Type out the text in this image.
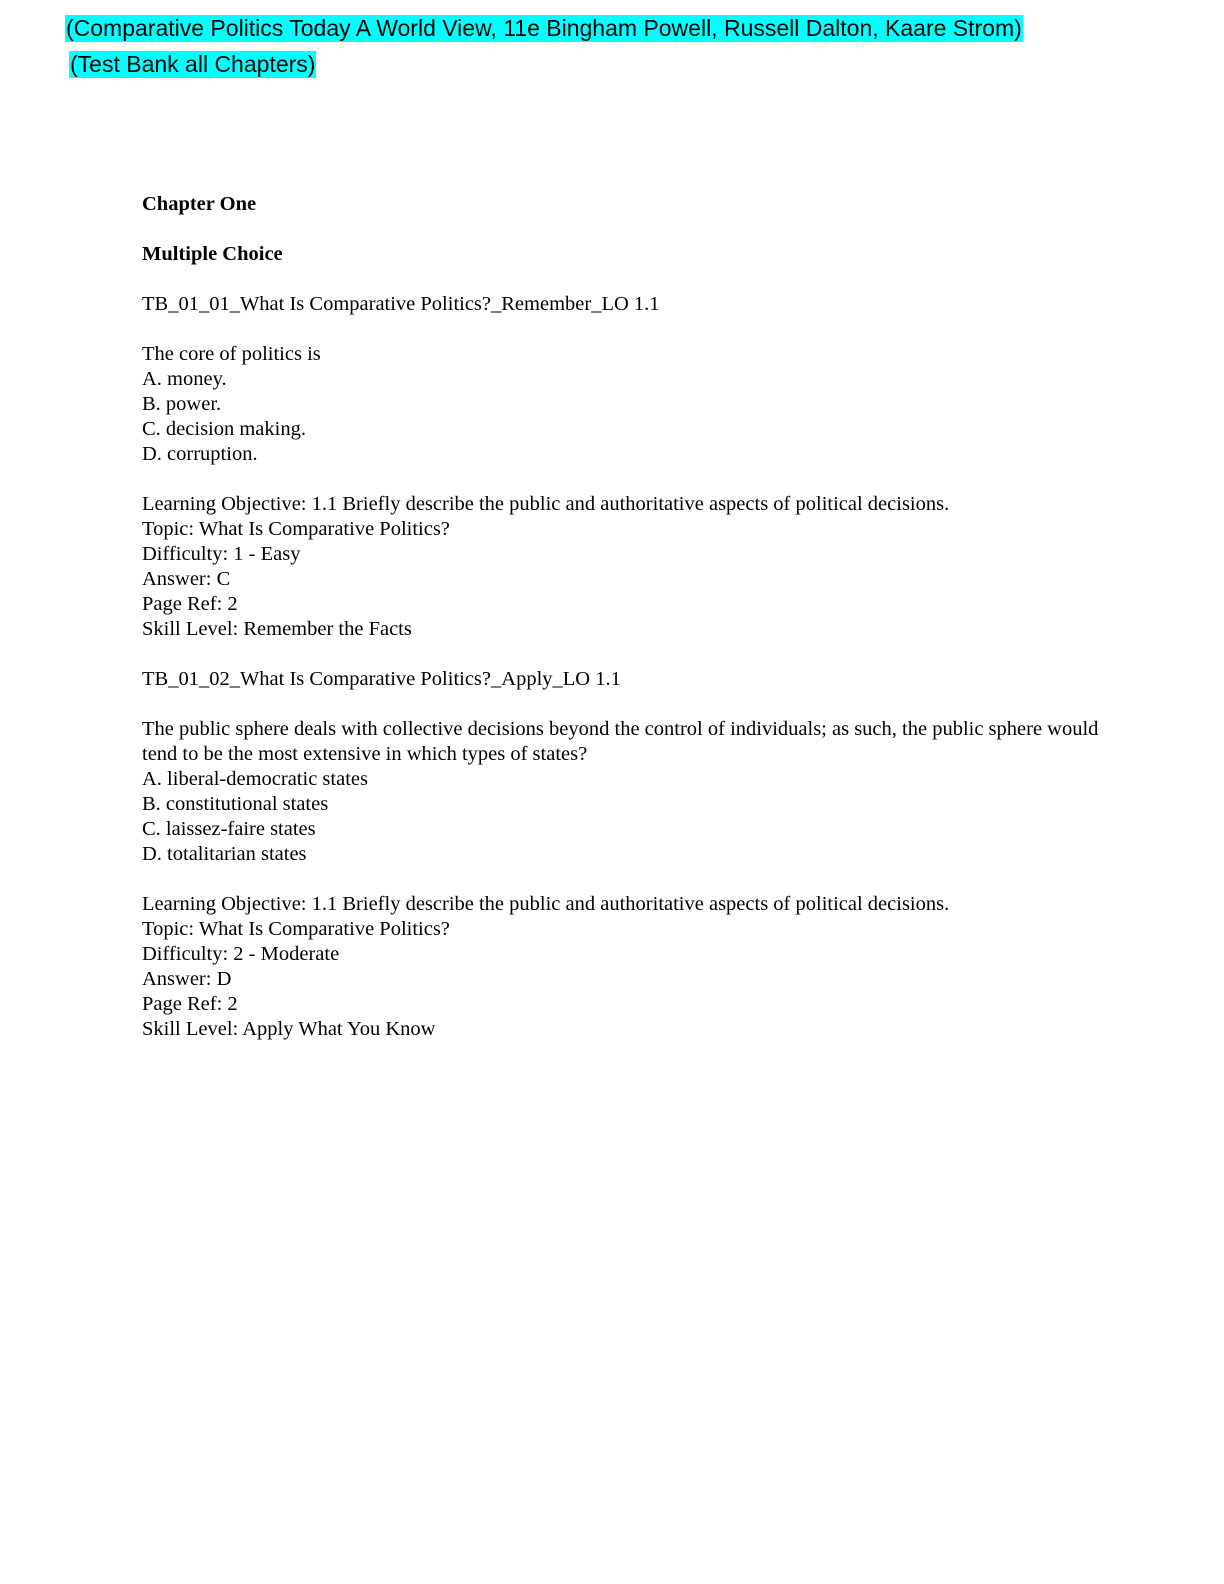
(Comparative Politics Today A World View, 11e Bingham Powell, Russell Dalton, Kaare Strom)
(Test Bank all Chapters)

Chapter One

Multiple Choice

TB_01_01_What Is Comparative Politics?_Remember_LO 1.1

The core of politics is
A. money.
B. power.
C. decision making.
D. corruption.

Learning Objective: 1.1 Briefly describe the public and authoritative aspects of political decisions.
Topic: What Is Comparative Politics?
Difficulty: 1 - Easy
Answer: C
Page Ref: 2
Skill Level: Remember the Facts

TB_01_02_What Is Comparative Politics?_Apply_LO 1.1

The public sphere deals with collective decisions beyond the control of individuals; as such, the public sphere would tend to be the most extensive in which types of states?
A. liberal-democratic states
B. constitutional states
C. laissez-faire states
D. totalitarian states

Learning Objective: 1.1 Briefly describe the public and authoritative aspects of political decisions.
Topic: What Is Comparative Politics?
Difficulty: 2 - Moderate
Answer: D
Page Ref: 2
Skill Level: Apply What You Know
